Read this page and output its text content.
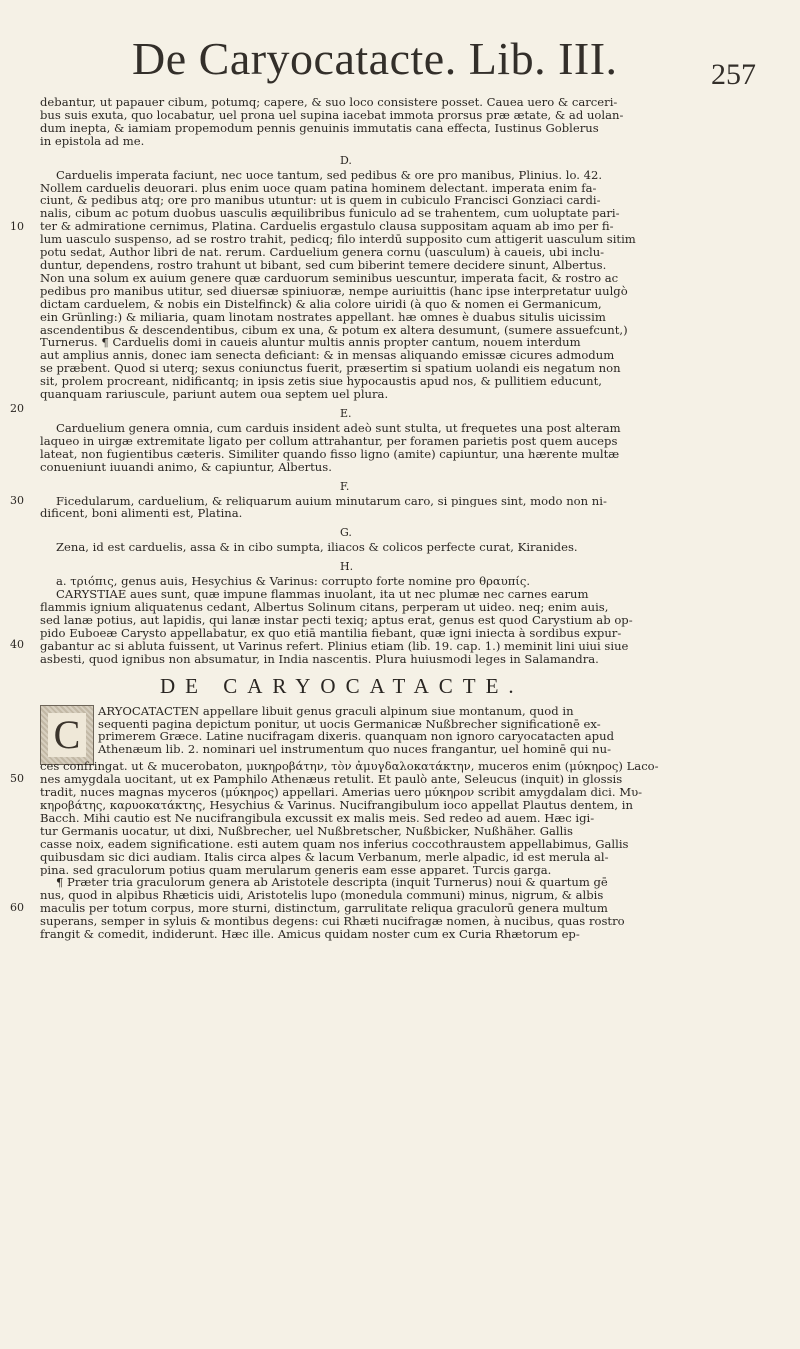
De Caryocatacte. Lib. III.	257
debantur, ut papauer cibum, potumq; capere, & suo loco consistere posset. Cauea uero & carceri-
bus suis exuta, quo locabatur, uel prona uel supina iacebat immota prorsus præ ætate, & ad uolan-
dum inepta, & iamiam propemodum pennis genuinis immutatis cana effecta, Iustinus Goblerus
in epistola ad me.
D.
10
20
Carduelis imperata faciunt, nec uoce tantum, sed pedibus & ore pro manibus, Plinius. lo. 42.
Nollem carduelis deuorari. plus enim uoce quam patina hominem delectant. imperata enim fa-
ciunt, & pedibus atq; ore pro manibus utuntur: ut is quem in cubiculo Francisci Gonziaci cardi-
nalis, cibum ac potum duobus uasculis æquilibribus funiculo ad se trahentem, cum uoluptate pari-
ter & admiratione cernimus, Platina. Carduelis ergastulo clausa suppositam aquam ab imo per fi-
lum uasculo suspenso, ad se rostro trahit, pedicq; filo interdū supposito cum attigerit uasculum sitim
potu sedat, Author libri de nat. rerum. Carduelium genera cornu (uasculum) à caueis, ubi inclu-
duntur, dependens, rostro trahunt ut bibant, sed cum biberint temere decidere sinunt, Albertus.
Non una solum ex auium genere quæ carduorum seminibus uescuntur, imperata facit, & rostro ac
pedibus pro manibus utitur, sed diuersæ spiniuoræ, nempe auriuittis (hanc ipse interpretatur uulgò
dictam carduelem, & nobis ein Distelfinck) & alia colore uiridi (à quo & nomen ei Germanicum,
ein Grünling:) & miliaria, quam linotam nostrates appellant. hæ omnes è duabus situlis uicissim
ascendentibus & descendentibus, cibum ex una, & potum ex altera desumunt, (sumere assuefcunt,)
Turnerus. ¶ Carduelis domi in caueis aluntur multis annis propter cantum, nouem interdum
aut amplius annis, donec iam senecta deficiant: & in mensas aliquando emissæ cicures admodum
se præbent. Quod si uterq; sexus coniunctus fuerit, præsertim si spatium uolandi eis negatum non
sit, prolem procreant, nidificantq; in ipsis zetis siue hypocaustis apud nos, & pullitiem educunt,
quanquam rariuscule, pariunt autem oua septem uel plura.
E.
Carduelium genera omnia, cum carduis insident adeò sunt stulta, ut frequetes una post alteram
laqueo in uirgæ extremitate ligato per collum attrahantur, per foramen parietis post quem auceps
lateat, non fugientibus cæteris. Similiter quando fisso ligno (amite) capiuntur, una hærente multæ
conueniunt iuuandi animo, & capiuntur, Albertus.
F.
30	Ficedularum, carduelium, & reliquarum auium minutarum caro, si pingues sint, modo non ni-
dificent, boni alimenti est, Platina.
G.
Zena, id est carduelis, assa & in cibo sumpta, iliacos & colicos perfecte curat, Kiranides.
H.
40
a. τριόπις, genus auis, Hesychius & Varinus: corrupto forte nomine pro θραυπίς.
CARYSTIAE aues sunt, quæ impune flammas inuolant, ita ut nec plumæ nec carnes earum
flammis ignium aliquatenus cedant, Albertus Solinum citans, perperam ut uideo. neq; enim auis,
sed lanæ potius, aut lapidis, qui lanæ instar pecti texiq; aptus erat, genus est quod Carystium ab op-
pido Euboeæ Carysto appellabatur, ex quo etiā mantilia fiebant, quæ igni iniecta à sordibus expur-
gabantur ac si abluta fuissent, ut Varinus refert. Plinius etiam (lib. 19. cap. 1.) meminit lini uiui siue
asbesti, quod ignibus non absumatur, in India nascentis. Plura huiusmodi leges in Salamandra.
DE CARYOCATACTE.
C
ARYOCATACTEN appellare libuit genus graculi alpinum siue montanum, quod in
sequenti pagina depictum ponitur, ut uocis Germanicæ Nußbrecher significationē ex-
primerem Græce. Latine nucifragam dixeris. quanquam non ignoro caryocatacten apud
Athenæum lib. 2. nominari uel instrumentum quo nuces frangantur, uel hominē qui nu-
50
60
ces confringat. ut & mucerobaton, μυκηροβάτην, τὸν ἀμυγδαλοκατάκτην, muceros enim (μύκηρος) Laco-
nes amygdala uocitant, ut ex Pamphilo Athenæus retulit. Et paulò ante, Seleucus (inquit) in glossis
tradit, nuces magnas myceros (μύκηρος) appellari. Amerias uero μύκηρον scribit amygdalam dici. Μυ-
κηροβάτης, καρυοκατάκτης, Hesychius & Varinus. Nucifrangibulum ioco appellat Plautus dentem, in
Bacch. Mihi cautio est Ne nucifrangibula excussit ex malis meis. Sed redeo ad auem. Hæc igi-
tur Germanis uocatur, ut dixi, Nußbrecher, uel Nußbretscher, Nußbicker, Nußhäher. Gallis
casse noix, eadem significatione. esti autem quam nos inferius coccothraustem appellabimus, Gallis
quibusdam sic dici audiam. Italis circa alpes & lacum Verbanum, merle alpadic, id est merula al-
pina. sed graculorum potius quam merularum generis eam esse apparet. Turcis garga.
¶ Præter tria graculorum genera ab Aristotele descripta (inquit Turnerus) noui & quartum gē
nus, quod in alpibus Rhæticis uidi, Aristotelis lupo (monedula communi) minus, nigrum, & albis
maculis per totum corpus, more sturni, distinctum, garrulitate reliqua graculorū genera multum
superans, semper in syluis & montibus degens: cui Rhæti nucifragæ nomen, à nucibus, quas rostro
frangit & comedit, indiderunt. Hæc ille. Amicus quidam noster cum ex Curia Rhætorum ep-
